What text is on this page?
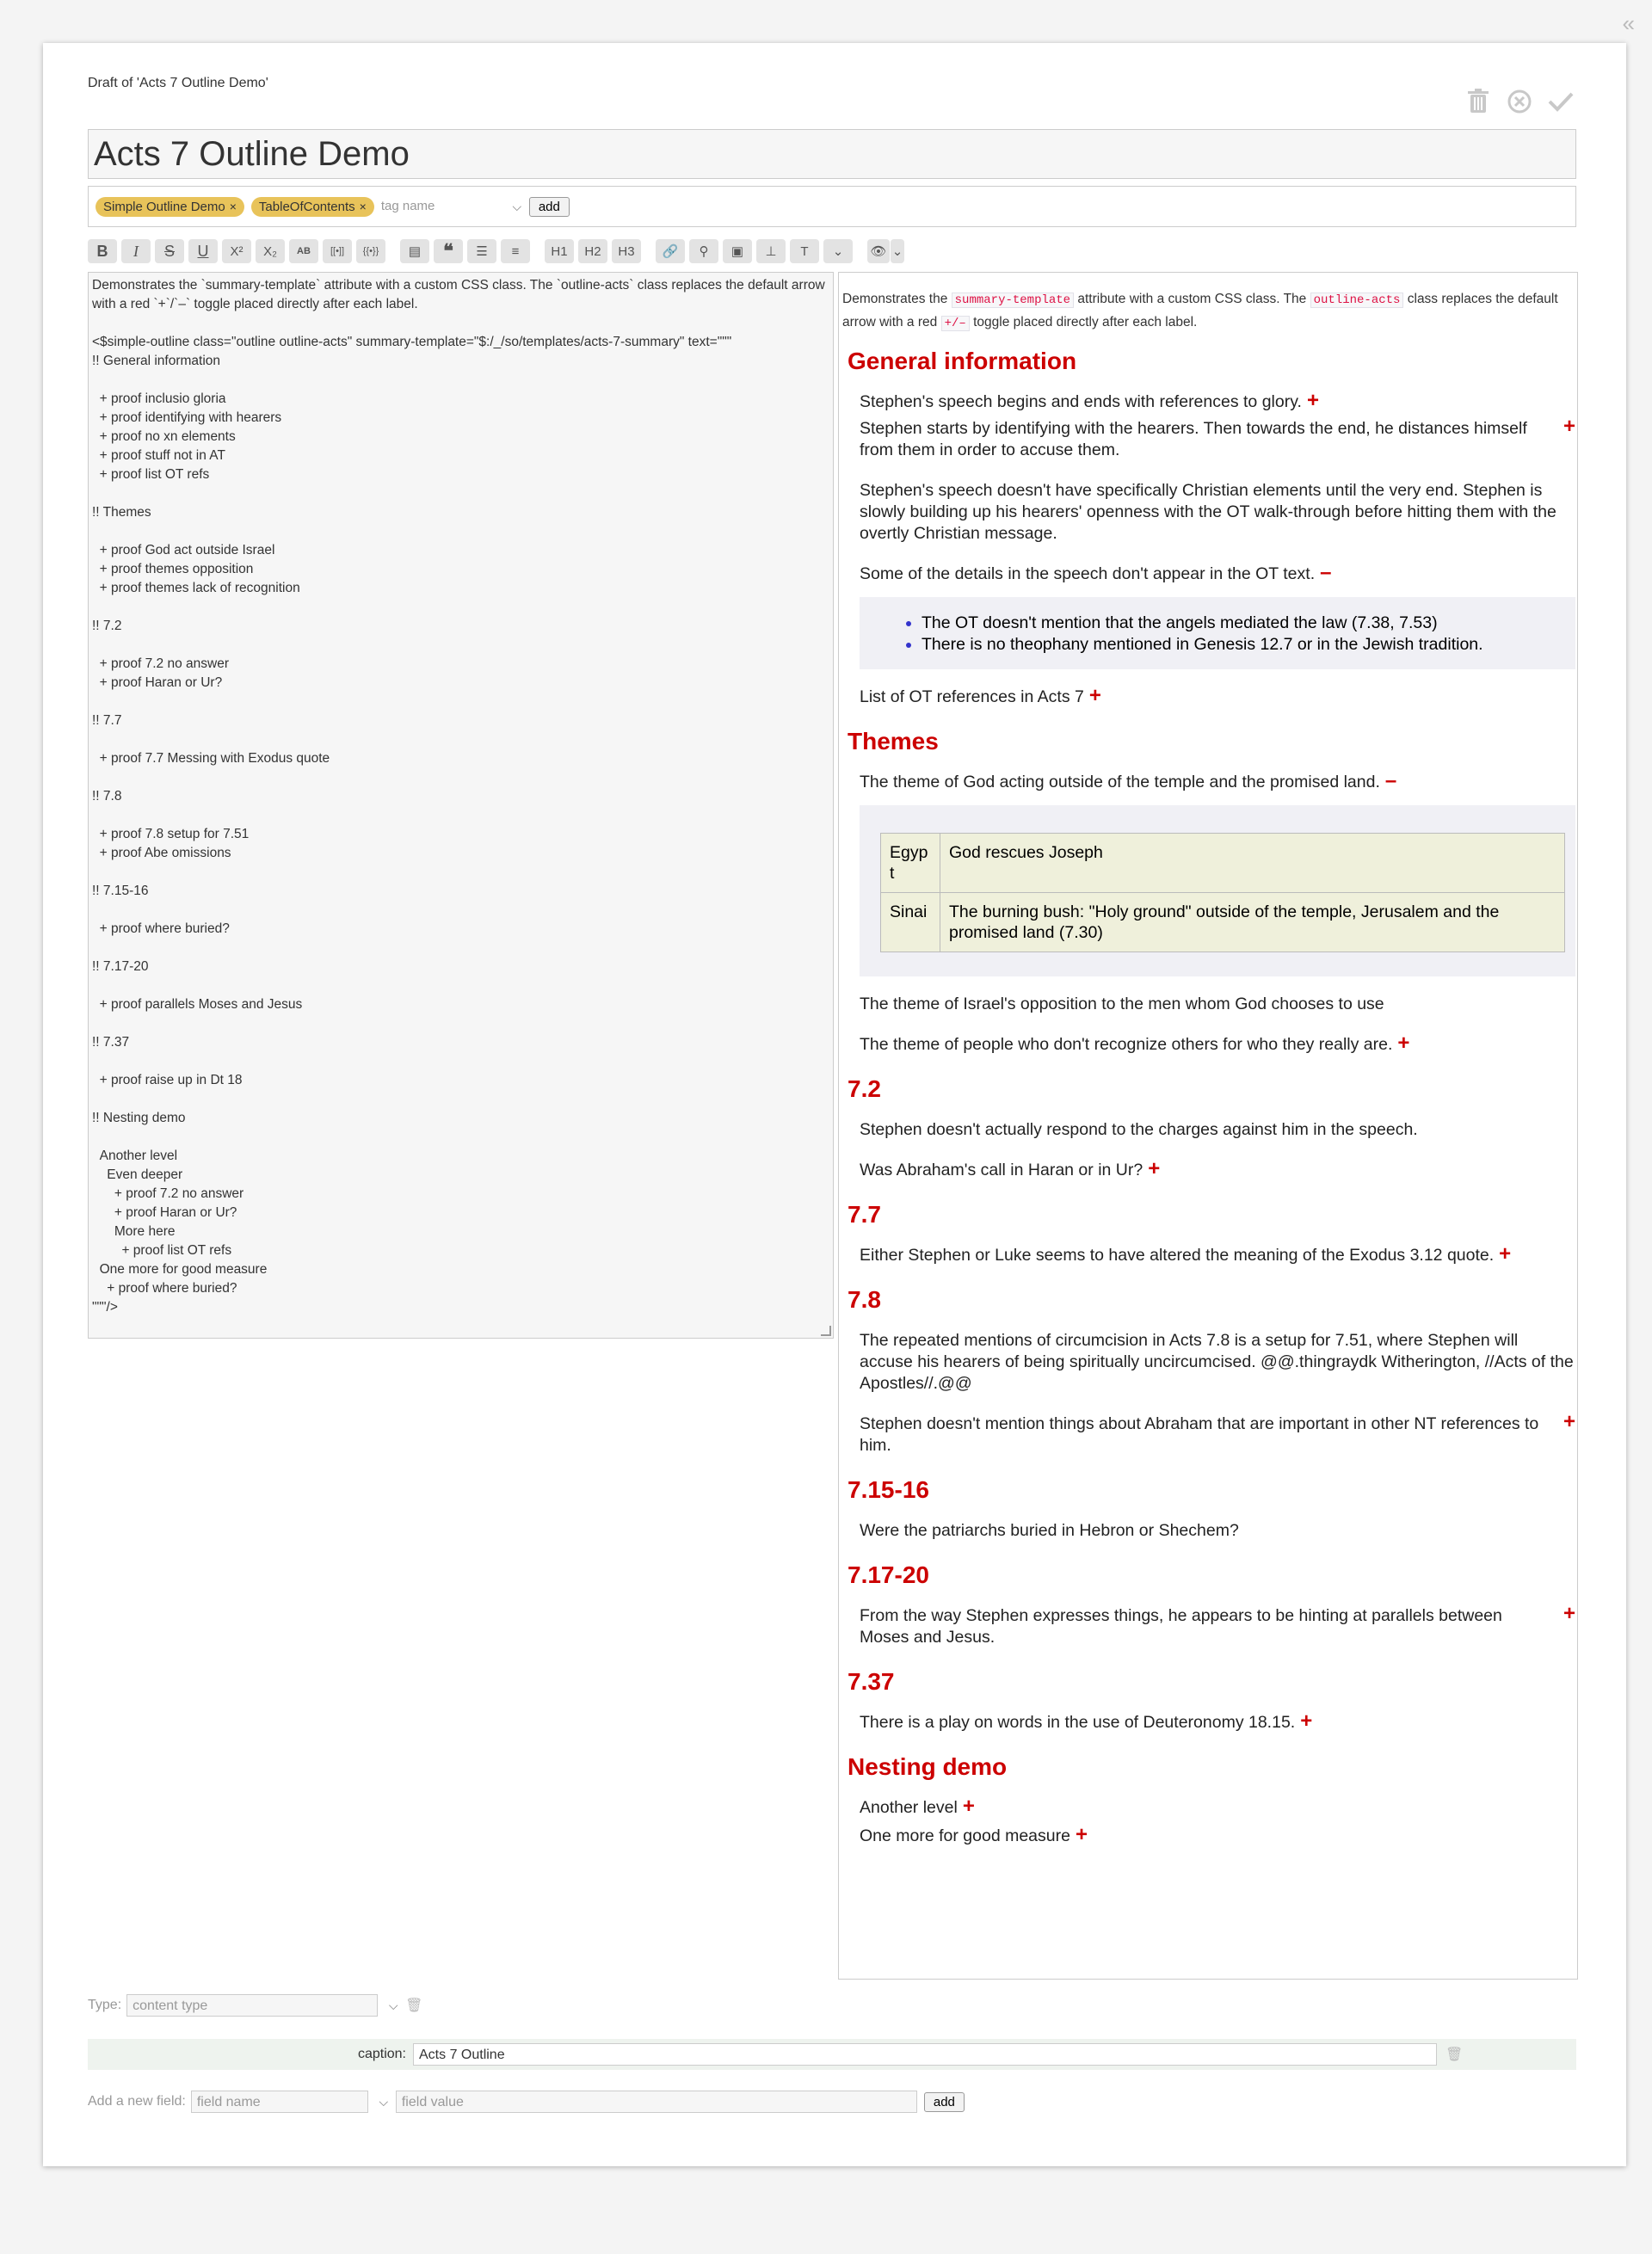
«
Draft of 'Acts 7 Outline Demo'
Acts 7 Outline Demo
Simple Outline Demo × TableOfContents × tag name	⌵	add
B	I	S	U	X²	X₂	AB	[[•]]	{{•}}	▤	❝	☰	≡	H1	H2	H3	🔗	⚲	▣	⊥	T	⌄	👁 ⌄
Demonstrates the `summary-template` attribute with a custom CSS class. The `outline-acts` class replaces the default arrow with a red `+`/`–` toggle placed directly after each label.

<$simple-outline class="outline outline-acts" summary-template="$:/_/so/templates/acts-7-summary" text="""
!! General information

+ proof inclusio gloria
+ proof identifying with hearers
+ proof no xn elements
+ proof stuff not in AT
+ proof list OT refs

!! Themes

+ proof God act outside Israel
+ proof themes opposition
+ proof themes lack of recognition

!! 7.2

+ proof 7.2 no answer
+ proof Haran or Ur?

!! 7.7

+ proof 7.7 Messing with Exodus quote

!! 7.8

+ proof 7.8 setup for 7.51
+ proof Abe omissions

!! 7.15-16

+ proof where buried?

!! 7.17-20

+ proof parallels Moses and Jesus

!! 7.37

+ proof raise up in Dt 18

!! Nesting demo

Another level
Even deeper
+ proof 7.2 no answer
+ proof Haran or Ur?
More here
+ proof list OT refs
One more for good measure
+ proof where buried?
"""/>

Demonstrates the summary-template attribute with a custom CSS class. The outline-acts class replaces the default arrow with a red +/– toggle placed directly after each label.

General information
Stephen's speech begins and ends with references to glory. +
Stephen starts by identifying with the hearers. Then towards the end, he distances himself from them in order to accuse them.
+
Stephen's speech doesn't have specifically Christian elements until the very end. Stephen is slowly building up his hearers' openness with the OT walk-through before hitting them with the overtly Christian message.
Some of the details in the speech don't appear in the OT text. –
• The OT doesn't mention that the angels mediated the law (7.38, 7.53)
• There is no theophany mentioned in Genesis 12.7 or in the Jewish tradition.
List of OT references in Acts 7 +
Themes
The theme of God acting outside of the temple and the promised land. –
Egypt	God rescues Joseph
Sinai	The burning bush: "Holy ground" outside of the temple, Jerusalem and the promised land (7.30)
The theme of Israel's opposition to the men whom God chooses to use
The theme of people who don't recognize others for who they really are. +
7.2
Stephen doesn't actually respond to the charges against him in the speech.
Was Abraham's call in Haran or in Ur? +
7.7
Either Stephen or Luke seems to have altered the meaning of the Exodus 3.12 quote. +
7.8
The repeated mentions of circumcision in Acts 7.8 is a setup for 7.51, where Stephen will accuse his hearers of being spiritually uncircumcised. @@.thingraydk Witherington, //Acts of the Apostles//.@@
Stephen doesn't mention things about Abraham that are important in other NT references to him.
+
7.15-16
Were the patriarchs buried in Hebron or Shechem?
7.17-20
From the way Stephen expresses things, he appears to be hinting at parallels between Moses and Jesus.
+
7.37
There is a play on words in the use of Deuteronomy 18.15. +
Nesting demo
Another level +
One more for good measure +
Type: content type	⌵ 🗑
caption: Acts 7 Outline	🗑
Add a new field: field name	⌵ field value	add
